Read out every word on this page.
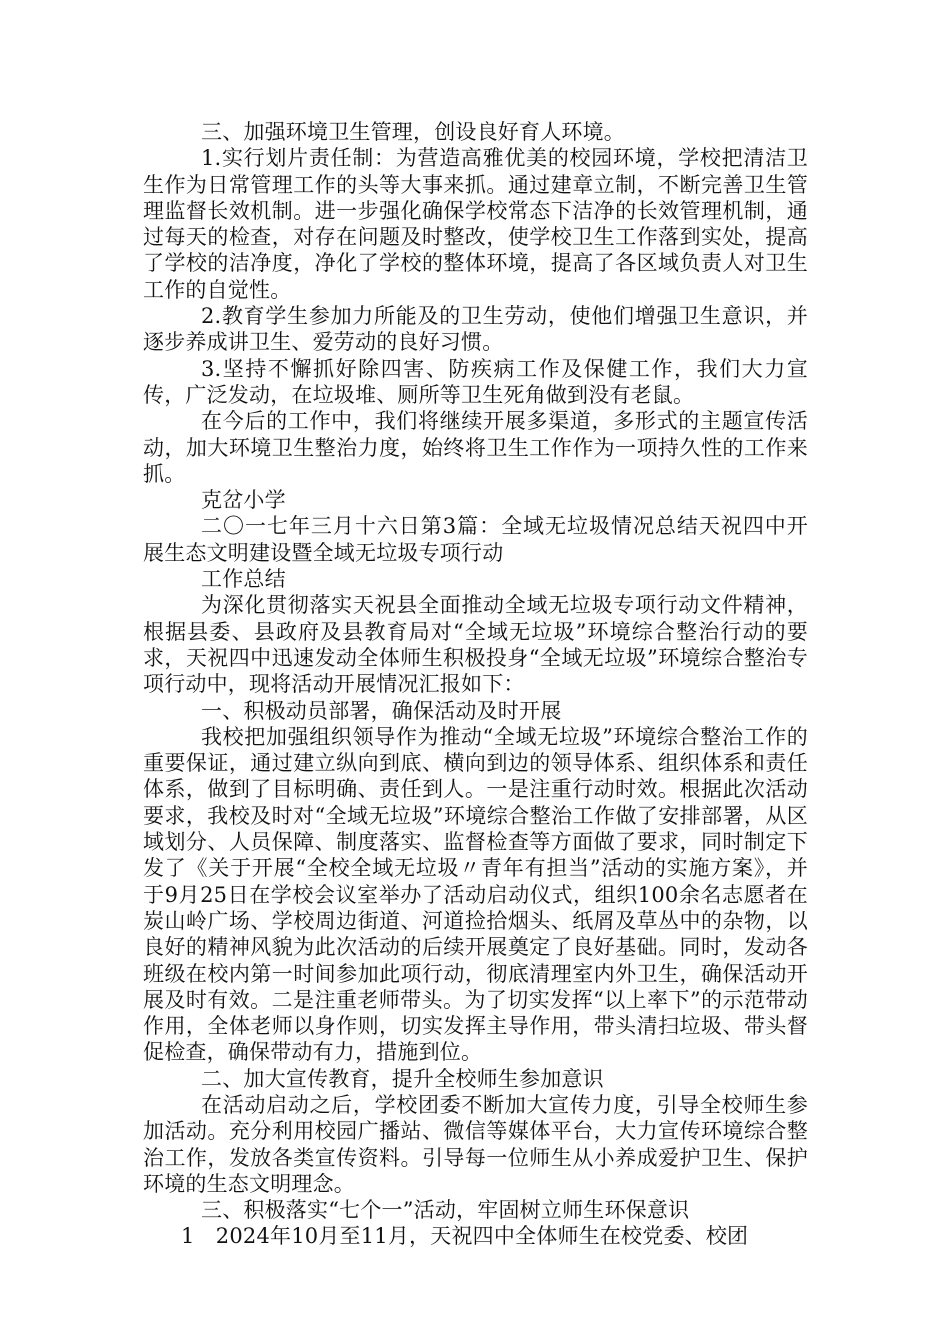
三、加强环境卫生管理，创设良好育人环境。

1.实行划片责任制：为营造高雅优美的校园环境，学校把清洁卫生作为日常管理工作的头等大事来抓。通过建章立制，不断完善卫生管理监督长效机制。进一步强化确保学校常态下洁净的长效管理机制，通过每天的检查，对存在问题及时整改，使学校卫生工作落到实处，提高了学校的洁净度，净化了学校的整体环境，提高了各区域负责人对卫生工作的自觉性。

2.教育学生参加力所能及的卫生劳动，使他们增强卫生意识，并逐步养成讲卫生、爱劳动的良好习惯。

3.坚持不懈抓好除四害、防疾病工作及保健工作，我们大力宣传，广泛发动，在垃圾堆、厕所等卫生死角做到没有老鼠。

在今后的工作中，我们将继续开展多渠道，多形式的主题宣传活动，加大环境卫生整治力度，始终将卫生工作作为一项持久性的工作来抓。

克岔小学

二〇一七年三月十六日第3篇：全域无垃圾情况总结天祝四中开展生态文明建设暨全域无垃圾专项行动

工作总结

为深化贯彻落实天祝县全面推动全域无垃圾专项行动文件精神，根据县委、县政府及县教育局对“全域无垃圾”环境综合整治行动的要求，天祝四中迅速发动全体师生积极投身“全域无垃圾”环境综合整治专项行动中，现将活动开展情况汇报如下：

一、积极动员部署，确保活动及时开展

我校把加强组织领导作为推动“全域无垃圾”环境综合整治工作的重要保证，通过建立纵向到底、横向到边的领导体系、组织体系和责任体系，做到了目标明确、责任到人。一是注重行动时效。根据此次活动要求，我校及时对“全域无垃圾”环境综合整治工作做了安排部署，从区域划分、人员保障、制度落实、监督检查等方面做了要求，同时制定下发了《关于开展“全校全域无垃圾〃青年有担当”活动的实施方案》，并于9月25日在学校会议室举办了活动启动仪式，组织100余名志愿者在炭山岭广场、学校周边街道、河道捡拾烟头、纸屑及草丛中的杂物，以良好的精神风貌为此次活动的后续开展奠定了良好基础。同时，发动各班级在校内第一时间参加此项行动，彻底清理室内外卫生，确保活动开展及时有效。二是注重老师带头。为了切实发挥“以上率下”的示范带动作用，全体老师以身作则，切实发挥主导作用，带头清扫垃圾、带头督促检查，确保带动有力，措施到位。

二、加大宣传教育，提升全校师生参加意识

在活动启动之后，学校团委不断加大宣传力度，引导全校师生参加活动。充分利用校园广播站、微信等媒体平台，大力宣传环境综合整治工作，发放各类宣传资料。引导每一位师生从小养成爱护卫生、保护环境的生态文明理念。

三、积极落实“七个一”活动，牢固树立师生环保意识

1　2024年10月至11月，天祝四中全体师生在校党委、校团
